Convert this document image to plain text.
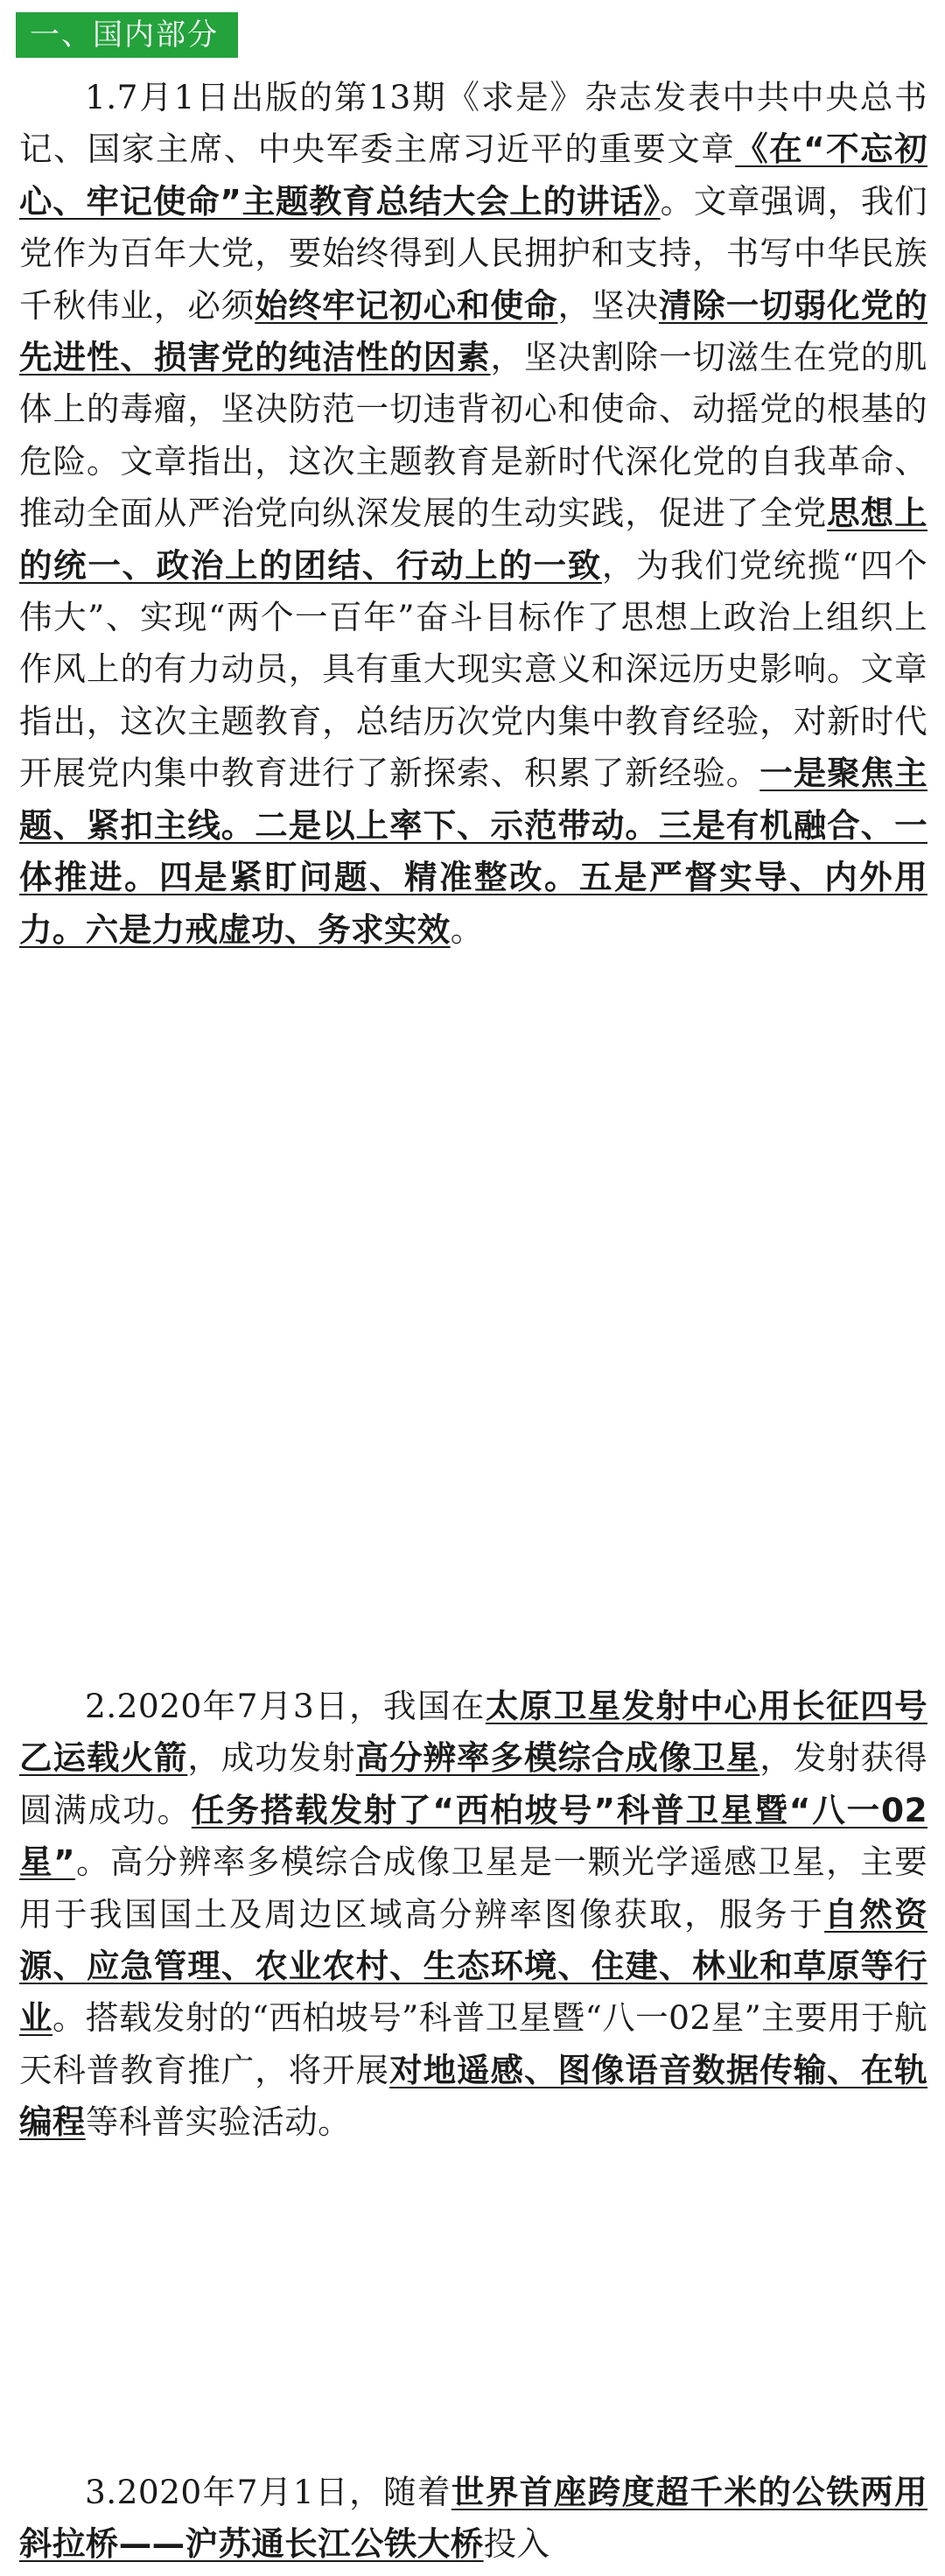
一、国内部分

1.7月1日出版的第13期《求是》杂志发表中共中央总书记、国家主席、中央军委主席习近平的重要文章《在“不忘初心、牢记使命”主题教育总结大会上的讲话》。文章强调，我们党作为百年大党，要始终得到人民拥护和支持，书写中华民族千秋伟业，必须始终牢记初心和使命，坚决清除一切弱化党的先进性、损害党的纯洁性的因素，坚决割除一切滋生在党的肌体上的毒瘤，坚决防范一切违背初心和使命、动摇党的根基的危险。文章指出，这次主题教育是新时代深化党的自我革命、推动全面从严治党向纵深发展的生动实践，促进了全党思想上的统一、政治上的团结、行动上的一致，为我们党统揽“四个伟大”、实现“两个一百年”奋斗目标作了思想上政治上组织上作风上的有力动员，具有重大现实意义和深远历史影响。文章指出，这次主题教育，总结历次党内集中教育经验，对新时代开展党内集中教育进行了新探索、积累了新经验。一是聚焦主题、紧扣主线。二是以上率下、示范带动。三是有机融合、一体推进。四是紧盯问题、精准整改。五是严督实导、内外用力。六是力戒虚功、务求实效。

2.2020年7月3日，我国在太原卫星发射中心用长征四号乙运载火箭，成功发射高分辨率多模综合成像卫星，发射获得圆满成功。任务搭载发射了“西柏坡号”科普卫星暨“八一02星”。高分辨率多模综合成像卫星是一颗光学遥感卫星，主要用于我国国土及周边区域高分辨率图像获取，服务于自然资源、应急管理、农业农村、生态环境、住建、林业和草原等行业。搭载发射的“西柏坡号”科普卫星暨“八一02星”主要用于航天科普教育推广，将开展对地遥感、图像语音数据传输、在轨编程等科普实验活动。

3.2020年7月1日，随着世界首座跨度超千米的公铁两用斜拉桥——沪苏通长江公铁大桥投入
